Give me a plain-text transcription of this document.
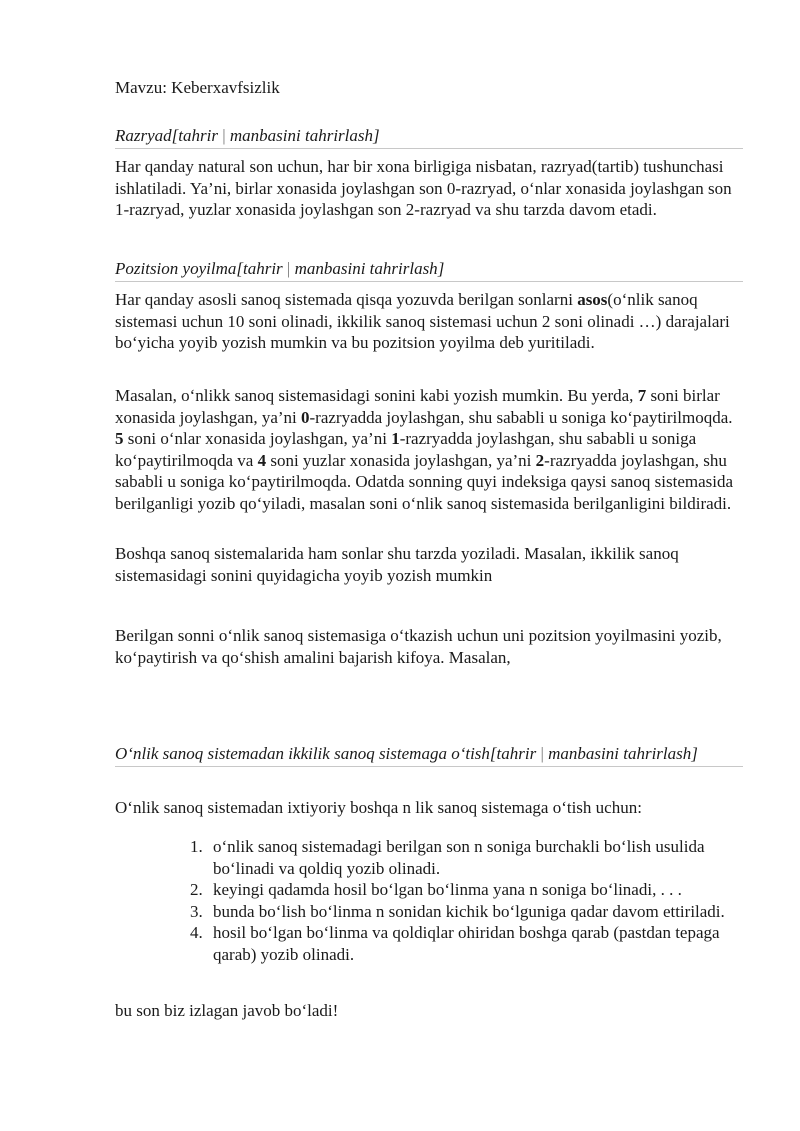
Mavzu: Keberxavfsizlik
Razryad[tahrir | manbasini tahrirlash]

Har qanday natural son uchun, har bir xona birligiga nisbatan, razryad(tartib) tushunchasi ishlatiladi. Ya’ni, birlar xonasida joylashgan son 0-razryad, oʻnlar xonasida joylashgan son 1-razryad, yuzlar xonasida joylashgan son 2-razryad va shu tarzda davom etadi.

Pozitsion yoyilma[tahrir | manbasini tahrirlash]

Har qanday asosli sanoq sistemada qisqa yozuvda berilgan sonlarni asos(oʻnlik sanoq sistemasi uchun 10 soni olinadi, ikkilik sanoq sistemasi uchun 2 soni olinadi …) darajalari boʻyicha yoyib yozish mumkin va bu pozitsion yoyilma deb yuritiladi.

Masalan, oʻnlikk sanoq sistemasidagi sonini kabi yozish mumkin. Bu yerda, 7 soni birlar xonasida joylashgan, ya’ni 0-razryadda joylashgan, shu sababli u soniga koʻpaytirilmoqda. 5 soni oʻnlar xonasida joylashgan, ya’ni 1-razryadda joylashgan, shu sababli u soniga koʻpaytirilmoqda va 4 soni yuzlar xonasida joylashgan, ya’ni 2-razryadda joylashgan, shu sababli u soniga koʻpaytirilmoqda. Odatda sonning quyi indeksiga qaysi sanoq sistemasida berilganligi yozib qoʻyiladi, masalan soni oʻnlik sanoq sistemasida berilganligini bildiradi.

Boshqa sanoq sistemalarida ham sonlar shu tarzda yoziladi. Masalan, ikkilik sanoq sistemasidagi sonini quyidagicha yoyib yozish mumkin

Berilgan sonni oʻnlik sanoq sistemasiga oʻtkazish uchun uni pozitsion yoyilmasini yozib, koʻpaytirish va qoʻshish amalini bajarish kifoya. Masalan,

Oʻnlik sanoq sistemadan ikkilik sanoq sistemaga oʻtish[tahrir | manbasini tahrirlash]

Oʻnlik sanoq sistemadan ixtiyoriy boshqa n lik sanoq sistemaga oʻtish uchun:

1. oʻnlik sanoq sistemadagi berilgan son n soniga burchakli boʻlish usulida boʻlinadi va qoldiq yozib olinadi.
2. keyingi qadamda hosil boʻlgan boʻlinma yana n soniga boʻlinadi, . . .
3. bunda boʻlish boʻlinma n sonidan kichik boʻlguniga qadar davom ettiriladi.
4. hosil boʻlgan boʻlinma va qoldiqlar ohiridan boshga qarab (pastdan tepaga qarab) yozib olinadi.

bu son biz izlagan javob boʻladi!
